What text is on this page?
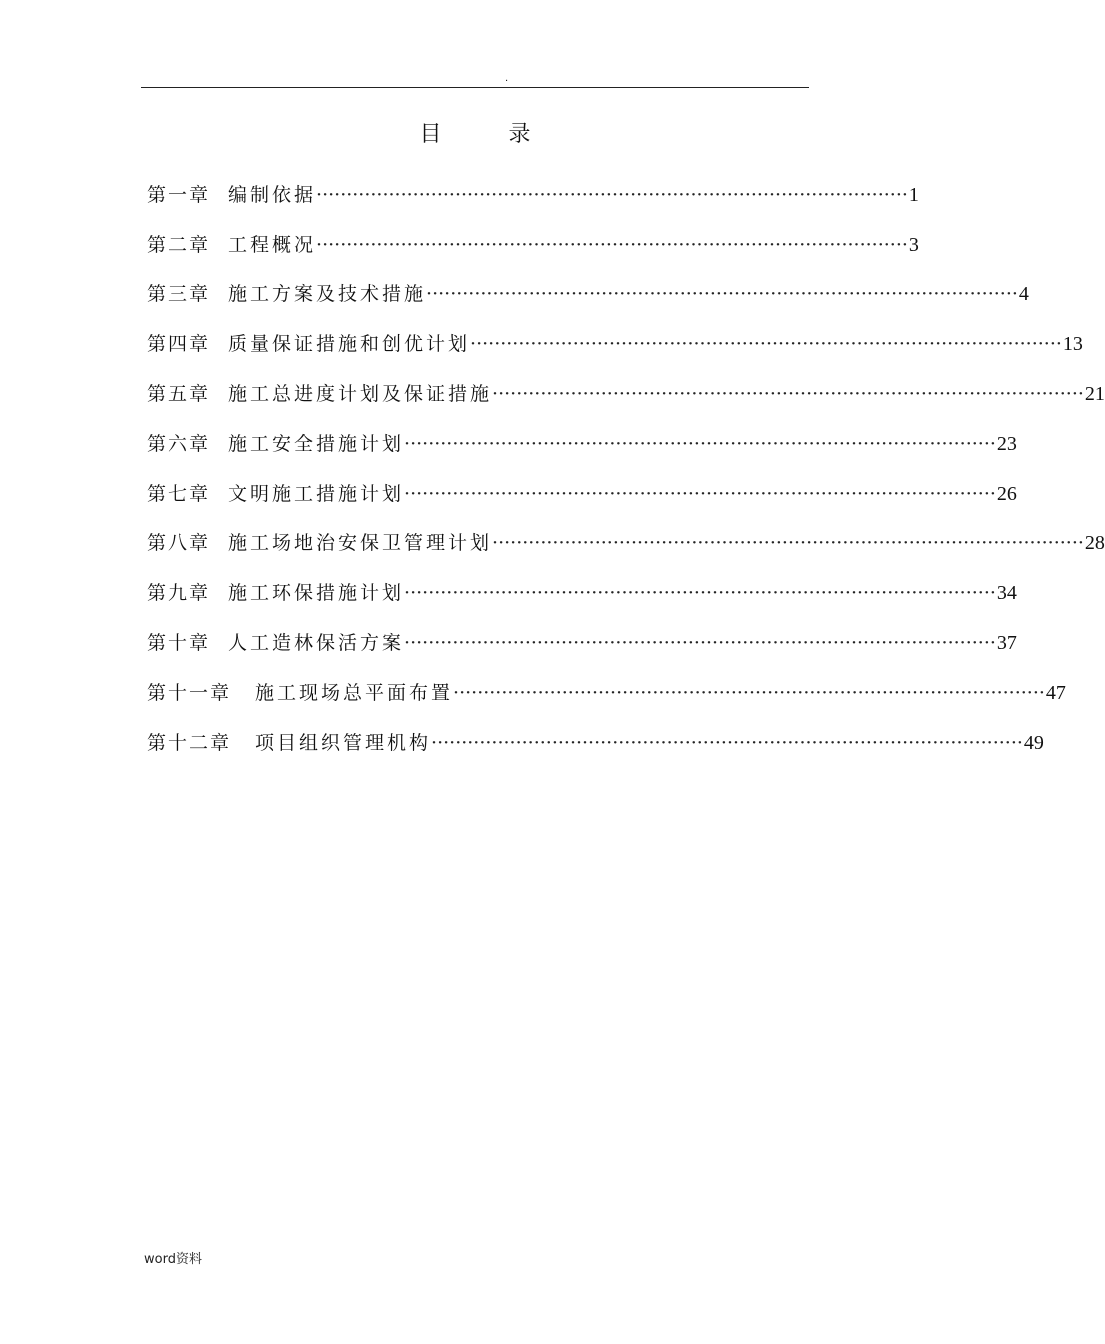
.
目 录
第一章 编制依据 ·································································································· 1
第二章 工程概况 ·································································································· 3
第三章 施工方案及技术措施 ·································································································· 4
第四章 质量保证措施和创优计划 ·································································································· 13
第五章 施工总进度计划及保证措施 ·································································································· 21
第六章 施工安全措施计划 ·································································································· 23
第七章 文明施工措施计划 ·································································································· 26
第八章 施工场地治安保卫管理计划 ·································································································· 28
第九章 施工环保措施计划 ·································································································· 34
第十章 人工造林保活方案 ·································································································· 37
第十一章 施工现场总平面布置 ·································································································· 47
第十二章 项目组织管理机构 ·································································································· 49
word资料
